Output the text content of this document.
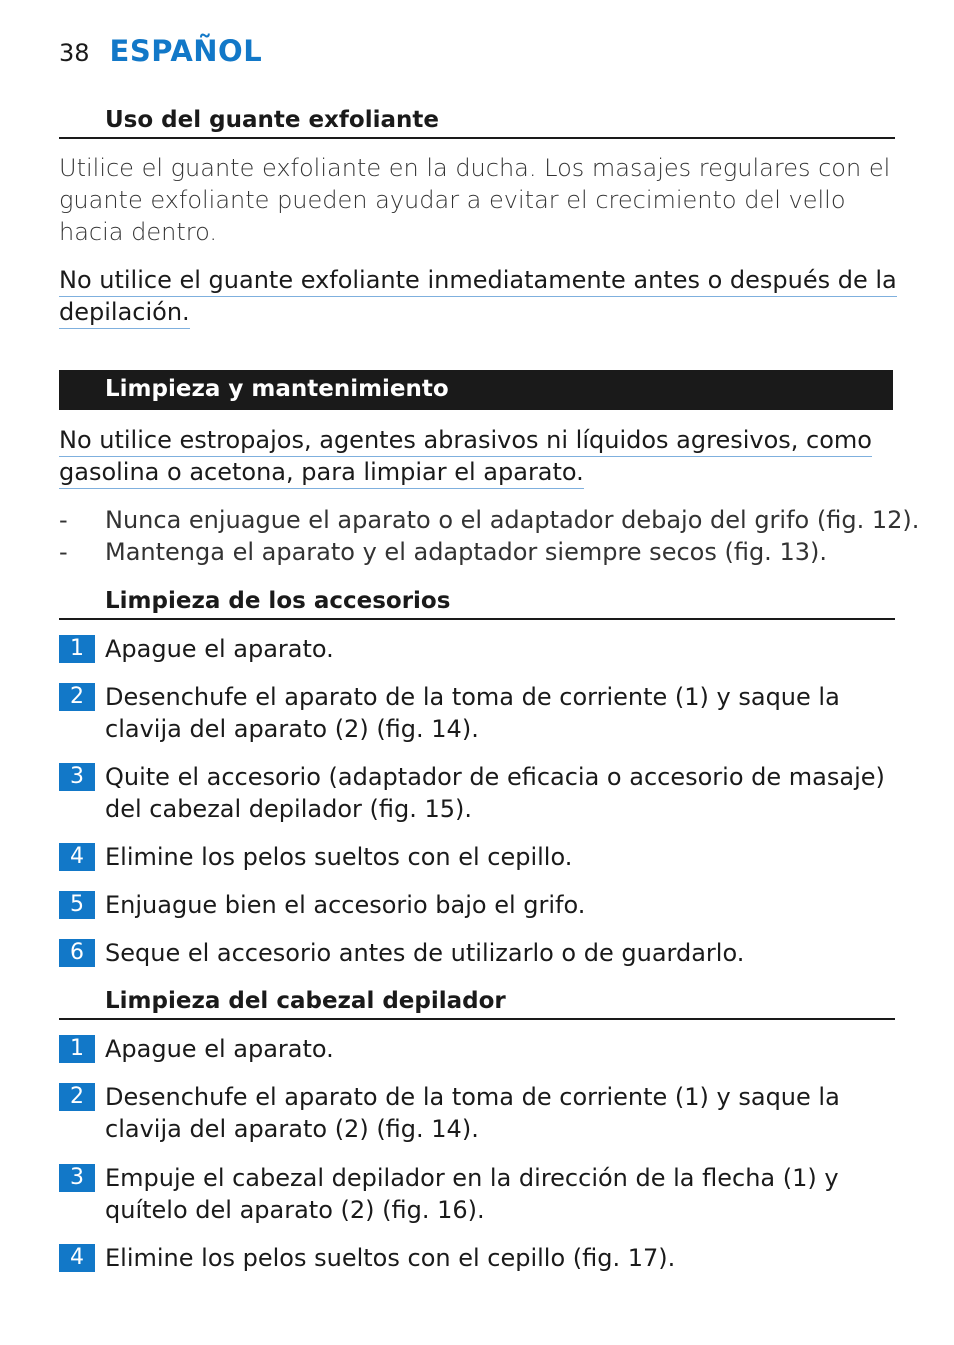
38 ESPAÑOL
Uso del guante exfoliante
Utilice el guante exfoliante en la ducha. Los masajes regulares con el guante exfoliante pueden ayudar a evitar el crecimiento del vello hacia dentro.
No utilice el guante exfoliante inmediatamente antes o después de la
depilación.
Limpieza y mantenimiento
No utilice estropajos, agentes abrasivos ni líquidos agresivos, como
gasolina o acetona, para limpiar el aparato.
- Nunca enjuague el aparato o el adaptador debajo del grifo (fig. 12).
- Mantenga el aparato y el adaptador siempre secos (fig. 13).
Limpieza de los accesorios
1 Apague el aparato.
2 Desenchufe el aparato de la toma de corriente (1) y saque la clavija del aparato (2) (fig. 14).
3 Quite el accesorio (adaptador de eficacia o accesorio de masaje) del cabezal depilador (fig. 15).
4 Elimine los pelos sueltos con el cepillo.
5 Enjuague bien el accesorio bajo el grifo.
6 Seque el accesorio antes de utilizarlo o de guardarlo.
Limpieza del cabezal depilador
1 Apague el aparato.
2 Desenchufe el aparato de la toma de corriente (1) y saque la clavija del aparato (2) (fig. 14).
3 Empuje el cabezal depilador en la dirección de la flecha (1) y quítelo del aparato (2) (fig. 16).
4 Elimine los pelos sueltos con el cepillo (fig. 17).
